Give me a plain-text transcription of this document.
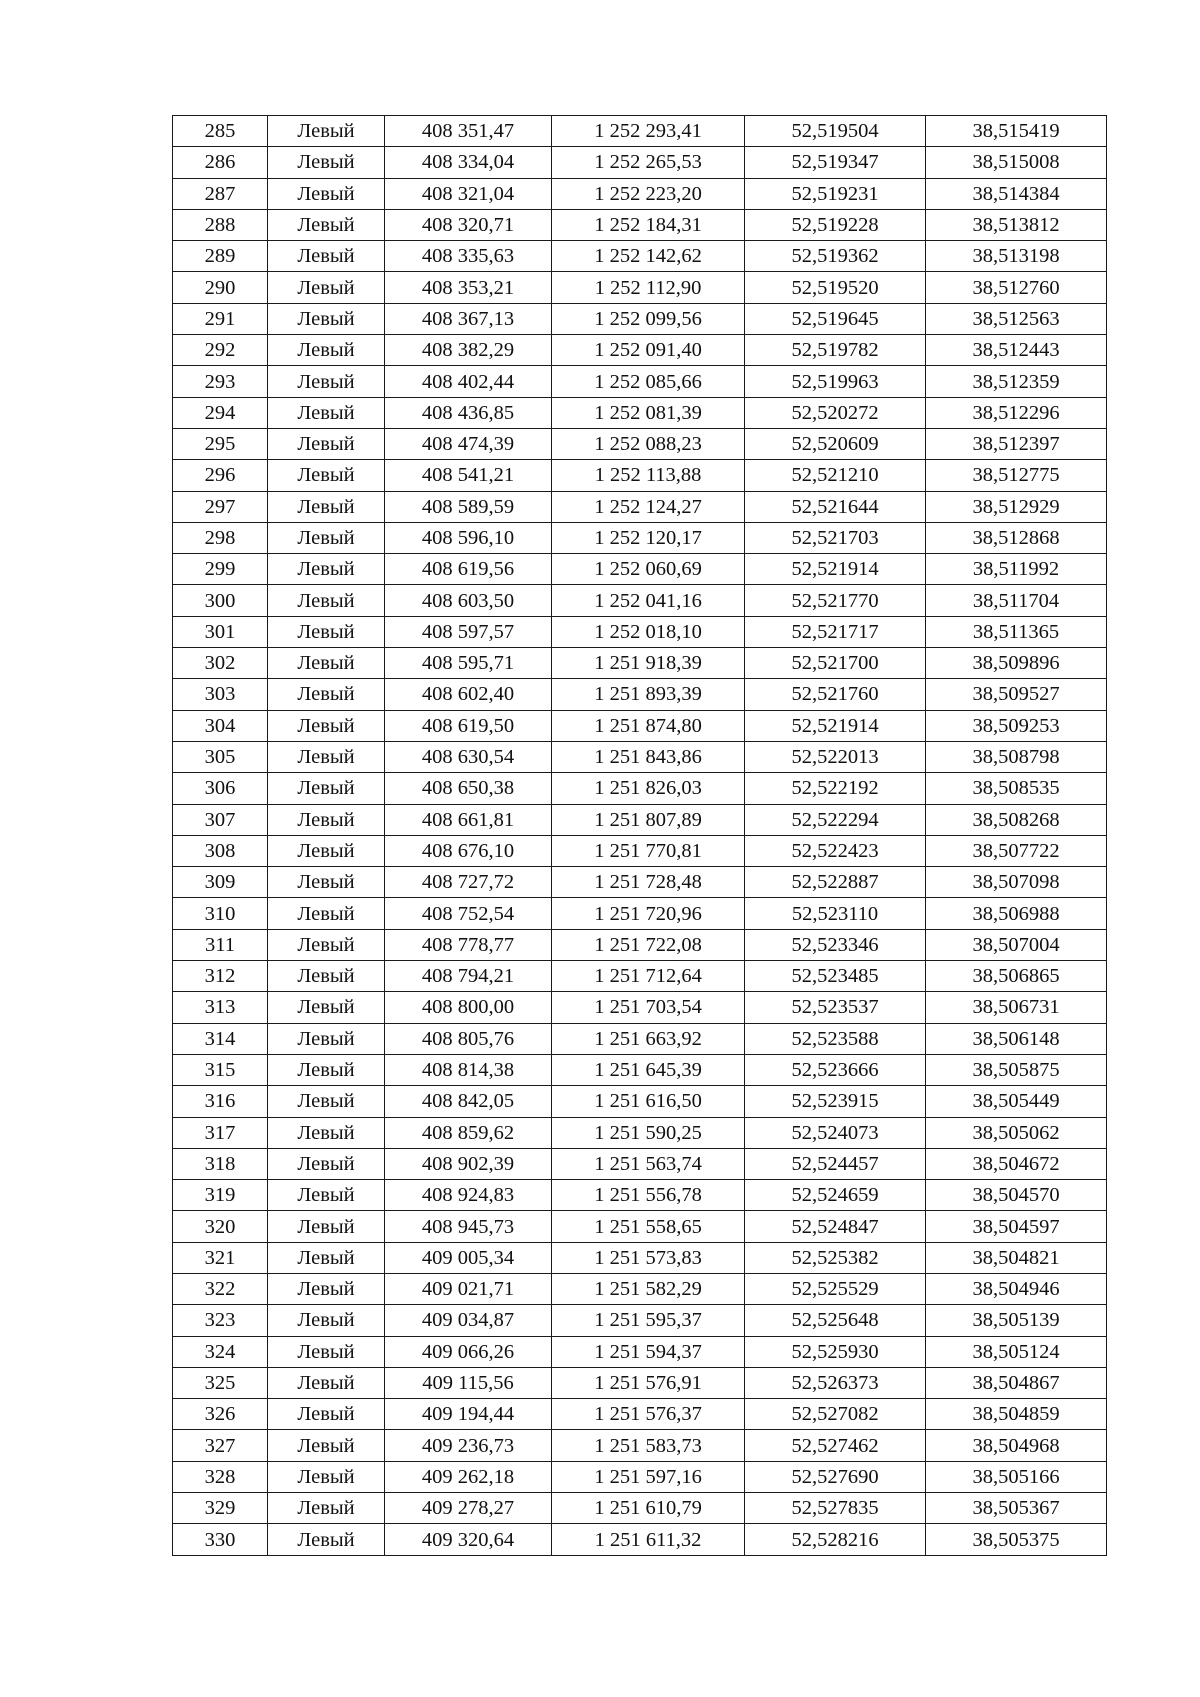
285	Левый	408 351,47	1 252 293,41	52,519504	38,515419
286	Левый	408 334,04	1 252 265,53	52,519347	38,515008
287	Левый	408 321,04	1 252 223,20	52,519231	38,514384
288	Левый	408 320,71	1 252 184,31	52,519228	38,513812
289	Левый	408 335,63	1 252 142,62	52,519362	38,513198
290	Левый	408 353,21	1 252 112,90	52,519520	38,512760
291	Левый	408 367,13	1 252 099,56	52,519645	38,512563
292	Левый	408 382,29	1 252 091,40	52,519782	38,512443
293	Левый	408 402,44	1 252 085,66	52,519963	38,512359
294	Левый	408 436,85	1 252 081,39	52,520272	38,512296
295	Левый	408 474,39	1 252 088,23	52,520609	38,512397
296	Левый	408 541,21	1 252 113,88	52,521210	38,512775
297	Левый	408 589,59	1 252 124,27	52,521644	38,512929
298	Левый	408 596,10	1 252 120,17	52,521703	38,512868
299	Левый	408 619,56	1 252 060,69	52,521914	38,511992
300	Левый	408 603,50	1 252 041,16	52,521770	38,511704
301	Левый	408 597,57	1 252 018,10	52,521717	38,511365
302	Левый	408 595,71	1 251 918,39	52,521700	38,509896
303	Левый	408 602,40	1 251 893,39	52,521760	38,509527
304	Левый	408 619,50	1 251 874,80	52,521914	38,509253
305	Левый	408 630,54	1 251 843,86	52,522013	38,508798
306	Левый	408 650,38	1 251 826,03	52,522192	38,508535
307	Левый	408 661,81	1 251 807,89	52,522294	38,508268
308	Левый	408 676,10	1 251 770,81	52,522423	38,507722
309	Левый	408 727,72	1 251 728,48	52,522887	38,507098
310	Левый	408 752,54	1 251 720,96	52,523110	38,506988
311	Левый	408 778,77	1 251 722,08	52,523346	38,507004
312	Левый	408 794,21	1 251 712,64	52,523485	38,506865
313	Левый	408 800,00	1 251 703,54	52,523537	38,506731
314	Левый	408 805,76	1 251 663,92	52,523588	38,506148
315	Левый	408 814,38	1 251 645,39	52,523666	38,505875
316	Левый	408 842,05	1 251 616,50	52,523915	38,505449
317	Левый	408 859,62	1 251 590,25	52,524073	38,505062
318	Левый	408 902,39	1 251 563,74	52,524457	38,504672
319	Левый	408 924,83	1 251 556,78	52,524659	38,504570
320	Левый	408 945,73	1 251 558,65	52,524847	38,504597
321	Левый	409 005,34	1 251 573,83	52,525382	38,504821
322	Левый	409 021,71	1 251 582,29	52,525529	38,504946
323	Левый	409 034,87	1 251 595,37	52,525648	38,505139
324	Левый	409 066,26	1 251 594,37	52,525930	38,505124
325	Левый	409 115,56	1 251 576,91	52,526373	38,504867
326	Левый	409 194,44	1 251 576,37	52,527082	38,504859
327	Левый	409 236,73	1 251 583,73	52,527462	38,504968
328	Левый	409 262,18	1 251 597,16	52,527690	38,505166
329	Левый	409 278,27	1 251 610,79	52,527835	38,505367
330	Левый	409 320,64	1 251 611,32	52,528216	38,505375
